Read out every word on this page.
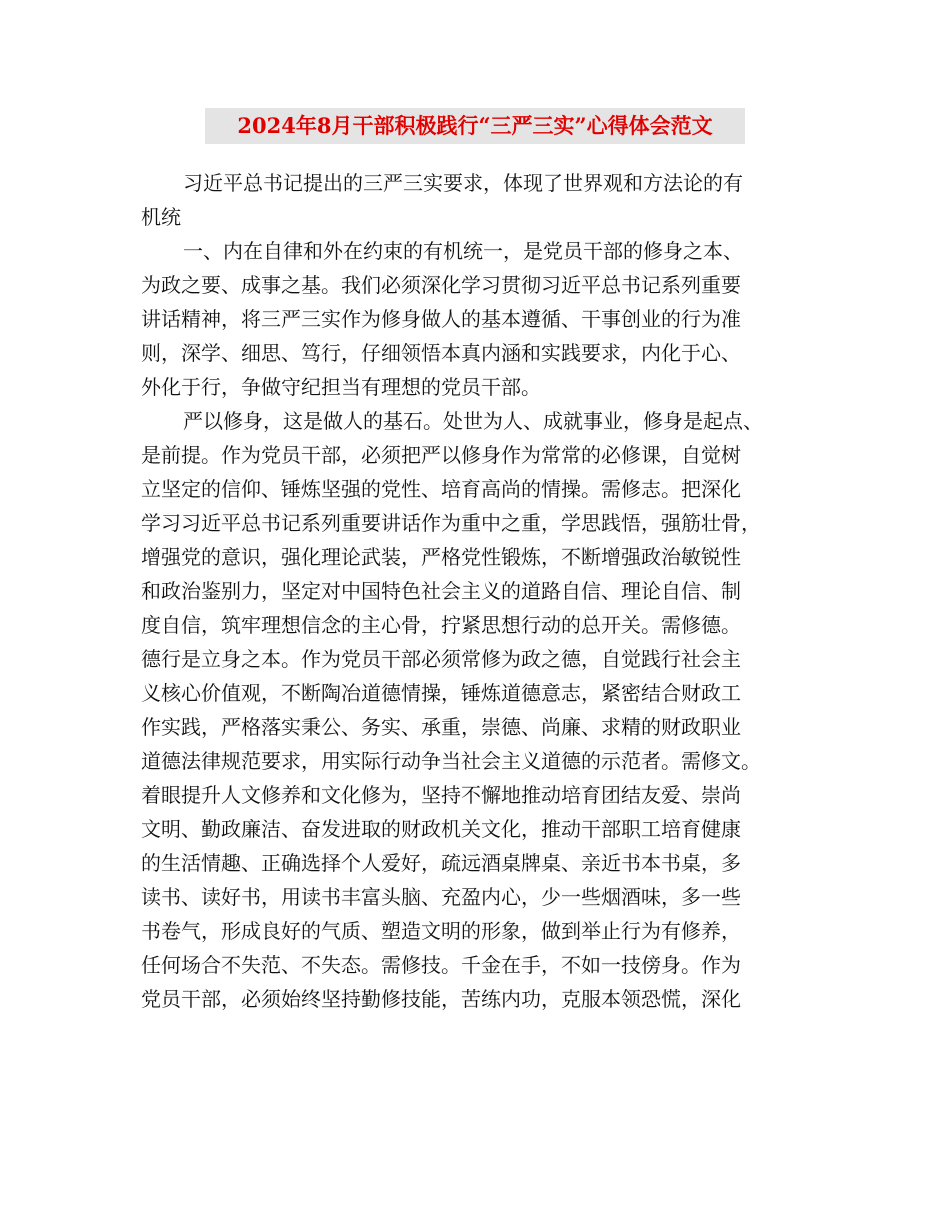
2024年8月干部积极践行“三严三实”心得体会范文
习近平总书记提出的三严三实要求，体现了世界观和方法论的有
机统
一、内在自律和外在约束的有机统一，是党员干部的修身之本、
为政之要、成事之基。我们必须深化学习贯彻习近平总书记系列重要
讲话精神，将三严三实作为修身做人的基本遵循、干事创业的行为准
则，深学、细思、笃行，仔细领悟本真内涵和实践要求，内化于心、
外化于行，争做守纪担当有理想的党员干部。
严以修身，这是做人的基石。处世为人、成就事业，修身是起点、
是前提。作为党员干部，必须把严以修身作为常常的必修课，自觉树
立坚定的信仰、锤炼坚强的党性、培育高尚的情操。需修志。把深化
学习习近平总书记系列重要讲话作为重中之重，学思践悟，强筋壮骨，
增强党的意识，强化理论武装，严格党性锻炼，不断增强政治敏锐性
和政治鉴别力，坚定对中国特色社会主义的道路自信、理论自信、制
度自信，筑牢理想信念的主心骨，拧紧思想行动的总开关。需修德。
德行是立身之本。作为党员干部必须常修为政之德，自觉践行社会主
义核心价值观，不断陶冶道德情操，锤炼道德意志，紧密结合财政工
作实践，严格落实秉公、务实、承重，崇德、尚廉、求精的财政职业
道德法律规范要求，用实际行动争当社会主义道德的示范者。需修文。
着眼提升人文修养和文化修为，坚持不懈地推动培育团结友爱、崇尚
文明、勤政廉洁、奋发进取的财政机关文化，推动干部职工培育健康
的生活情趣、正确选择个人爱好，疏远酒桌牌桌、亲近书本书桌，多
读书、读好书，用读书丰富头脑、充盈内心，少一些烟酒味，多一些
书卷气，形成良好的气质、塑造文明的形象，做到举止行为有修养，
任何场合不失范、不失态。需修技。千金在手，不如一技傍身。作为
党员干部，必须始终坚持勤修技能，苦练内功，克服本领恐慌，深化
